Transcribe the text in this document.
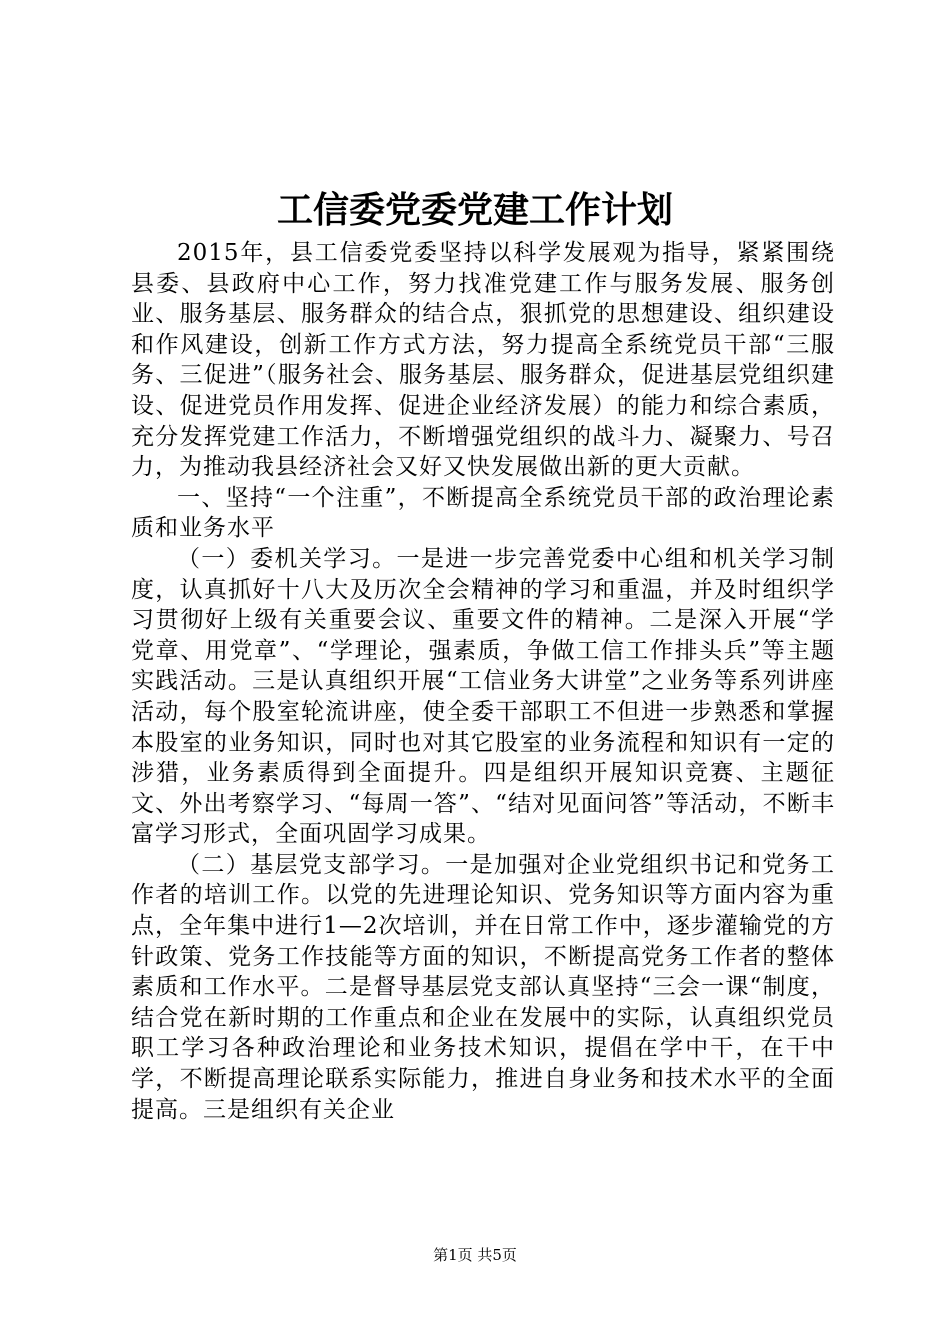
工信委党委党建工作计划

2015年，县工信委党委坚持以科学发展观为指导，紧紧围绕县委、县政府中心工作，努力找准党建工作与服务发展、服务创业、服务基层、服务群众的结合点，狠抓党的思想建设、组织建设和作风建设，创新工作方式方法，努力提高全系统党员干部“三服务、三促进”（服务社会、服务基层、服务群众，促进基层党组织建设、促进党员作用发挥、促进企业经济发展）的能力和综合素质，充分发挥党建工作活力，不断增强党组织的战斗力、凝聚力、号召力，为推动我县经济社会又好又快发展做出新的更大贡献。

一、坚持“一个注重”，不断提高全系统党员干部的政治理论素质和业务水平

（一）委机关学习。一是进一步完善党委中心组和机关学习制度，认真抓好十八大及历次全会精神的学习和重温，并及时组织学习贯彻好上级有关重要会议、重要文件的精神。二是深入开展“学党章、用党章”、“学理论，强素质，争做工信工作排头兵”等主题实践活动。三是认真组织开展“工信业务大讲堂”之业务等系列讲座活动，每个股室轮流讲座，使全委干部职工不但进一步熟悉和掌握本股室的业务知识，同时也对其它股室的业务流程和知识有一定的涉猎，业务素质得到全面提升。四是组织开展知识竞赛、主题征文、外出考察学习、“每周一答”、“结对见面问答”等活动，不断丰富学习形式，全面巩固学习成果。

（二）基层党支部学习。一是加强对企业党组织书记和党务工作者的培训工作。以党的先进理论知识、党务知识等方面内容为重点，全年集中进行1—2次培训，并在日常工作中，逐步灌输党的方针政策、党务工作技能等方面的知识，不断提高党务工作者的整体素质和工作水平。二是督导基层党支部认真坚持“三会一课“制度，结合党在新时期的工作重点和企业在发展中的实际，认真组织党员职工学习各种政治理论和业务技术知识，提倡在学中干，在干中学，不断提高理论联系实际能力，推进自身业务和技术水平的全面提高。三是组织有关企业

第1页 共5页
